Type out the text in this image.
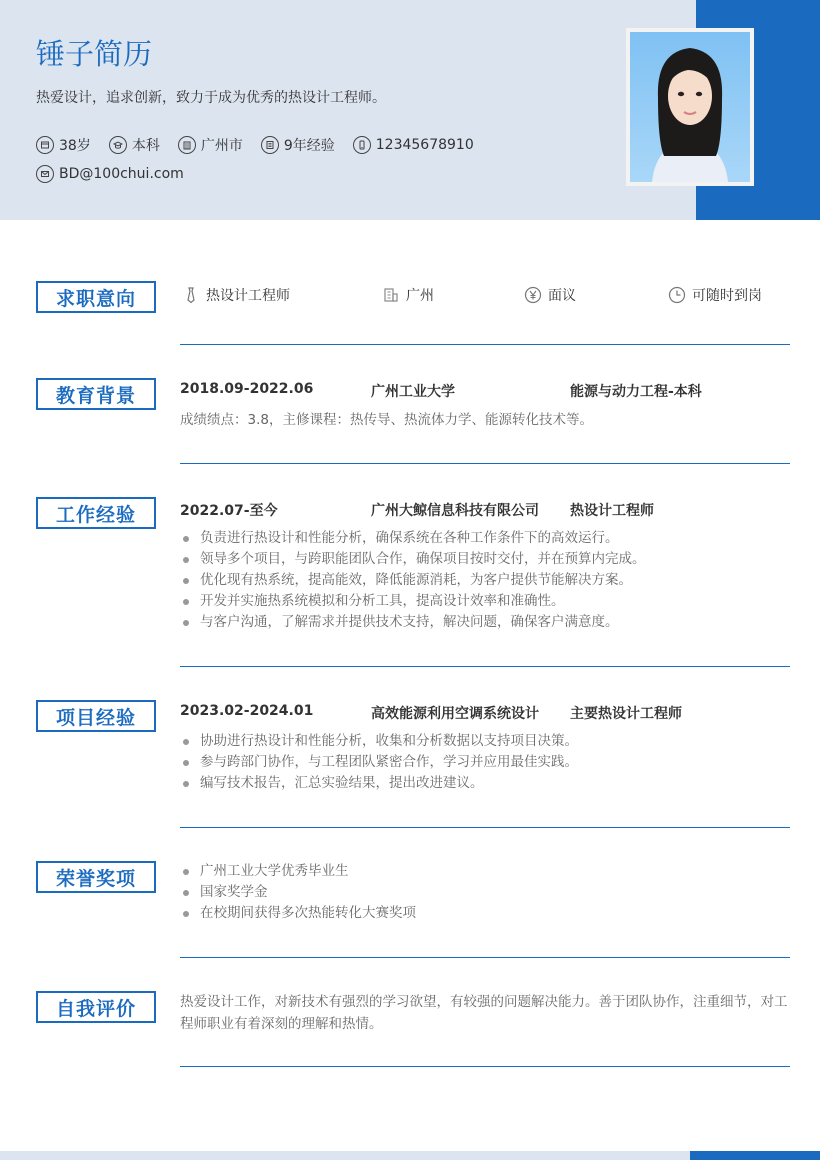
锤子简历
热爱设计，追求创新，致力于成为优秀的热设计工程师。
38岁	本科	广州市	9年经验	12345678910
BD@100chui.com
求职意向	热设计工程师	广州	面议	可随时到岗
教育背景	2018.09-2022.06	广州工业大学	能源与动力工程-本科
成绩绩点：3.8，主修课程：热传导、热流体力学、能源转化技术等。
工作经验	2022.07-至今	广州大鲸信息科技有限公司 热设计工程师
负责进行热设计和性能分析，确保系统在各种工作条件下的高效运行。
领导多个项目，与跨职能团队合作，确保项目按时交付，并在预算内完成。
优化现有热系统，提高能效，降低能源消耗，为客户提供节能解决方案。
开发并实施热系统模拟和分析工具，提高设计效率和准确性。
与客户沟通，了解需求并提供技术支持，解决问题，确保客户满意度。
项目经验	2023.02-2024.01	高效能源利用空调系统设计 主要热设计工程师
协助进行热设计和性能分析，收集和分析数据以支持项目决策。
参与跨部门协作，与工程团队紧密合作，学习并应用最佳实践。
编写技术报告，汇总实验结果，提出改进建议。
荣誉奖项	广州工业大学优秀毕业生
国家奖学金
在校期间获得多次热能转化大赛奖项
自我评价	热爱设计工作，对新技术有强烈的学习欲望，有较强的问题解决能力。善于团队协作，注重细节，对工程师职业有着深刻的理解和热情。
